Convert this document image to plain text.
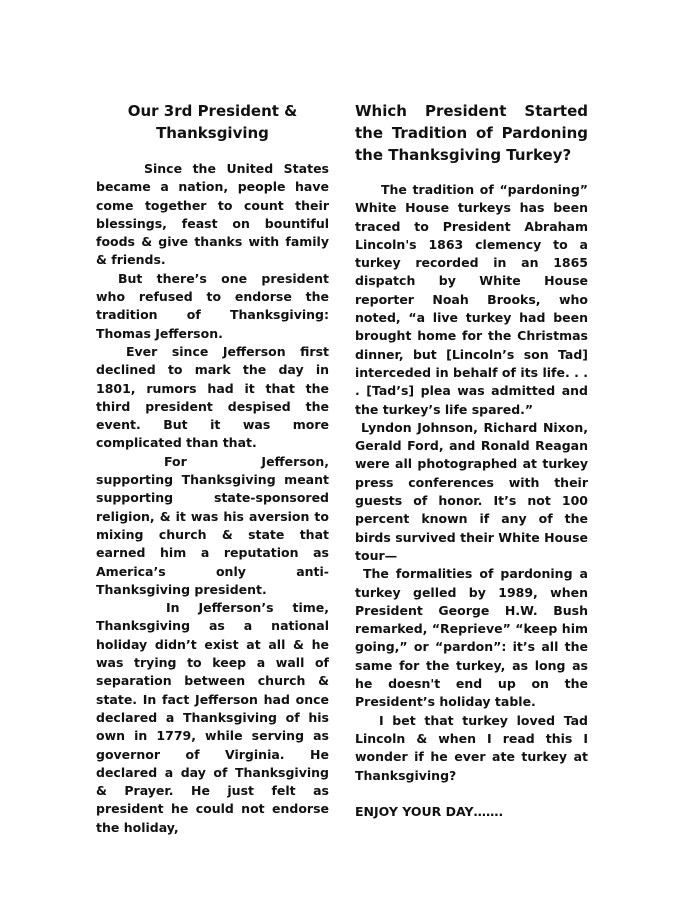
Our 3rd President & Thanksgiving

Since the United States became a nation, people have come together to count their blessings, feast on bountiful foods & give thanks with family & friends.

But there’s one president who refused to endorse the tradition of Thanksgiving: Thomas Jefferson.

Ever since Jefferson first declined to mark the day in 1801, rumors had it that the third president despised the event. But it was more complicated than that.

For Jefferson, supporting Thanksgiving meant supporting state-sponsored religion, & it was his aversion to mixing church & state that earned him a reputation as America’s only anti-Thanksgiving president.

In Jefferson’s time, Thanksgiving as a national holiday didn’t exist at all & he was trying to keep a wall of separation between church & state. In fact Jefferson had once declared a Thanksgiving of his own in 1779, while serving as governor of Virginia. He declared a day of Thanksgiving & Prayer. He just felt as president he could not endorse the holiday,

Which President Started the Tradition of Pardoning the Thanksgiving Turkey?

The tradition of “pardoning” White House turkeys has been traced to President Abraham Lincoln's 1863 clemency to a turkey recorded in an 1865 dispatch by White House reporter Noah Brooks, who noted, “a live turkey had been brought home for the Christmas dinner, but [Lincoln’s son Tad] interceded in behalf of its life. . . . [Tad’s] plea was admitted and the turkey’s life spared.”

Lyndon Johnson, Richard Nixon, Gerald Ford, and Ronald Reagan were all photographed at turkey press conferences with their guests of honor. It’s not 100 percent known if any of the birds survived their White House tour—

The formalities of pardoning a turkey gelled by 1989, when President George H.W. Bush remarked, “Reprieve” “keep him going,” or “pardon”: it’s all the same for the turkey, as long as he doesn't end up on the President’s holiday table.

I bet that turkey loved Tad Lincoln & when I read this I wonder if he ever ate turkey at Thanksgiving?

ENJOY YOUR DAY…….
